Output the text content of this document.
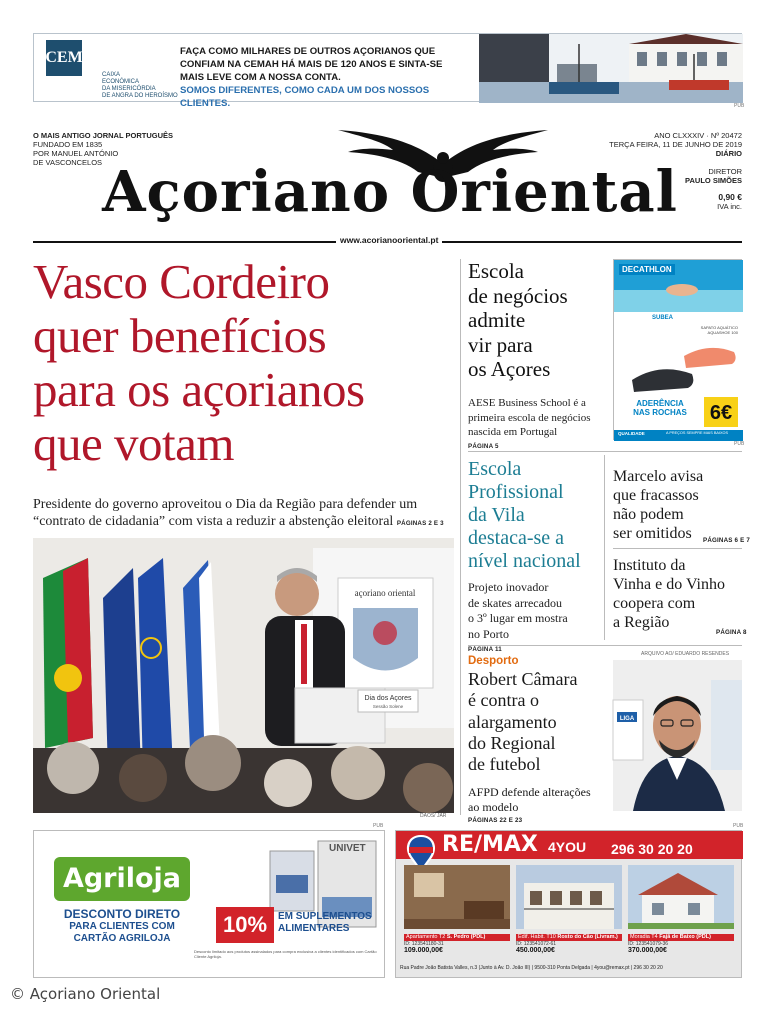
CEM
CAIXA
ECONÓMICA
DA MISERICÓRDIA
DE ANGRA DO HEROÍSMO
FAÇA COMO MILHARES DE OUTROS AÇORIANOS QUE
CONFIAM NA CEMAH HÁ MAIS DE 120 ANOS E SINTA-SE
MAIS LEVE COM A NOSSA CONTA.
SOMOS DIFERENTES, COMO CADA UM DOS NOSSOS CLIENTES.	PUB
O MAIS ANTIGO JORNAL PORTUGUÊS
FUNDADO EM 1835
POR MANUEL ANTÓNIO
DE VASCONCELOS Açoriano Oriental
ANO CLXXXIV · Nº 20472
TERÇA FEIRA, 11 DE JUNHO DE 2019
DIÁRIO
DIRETOR
PAULO SIMÕES
0,90 €
IVA inc.
www.acorianooriental.pt
Vasco Cordeiro
quer benefícios
para os açorianos
que votam
Presidente do governo aproveitou o Dia da Região para defender um “contrato de cidadania” com vista a reduzir a abstenção eleitoral PÁGINAS 2 E 3
açoriano oriental
Dia dos Açores
Sessão Solene
DAOS/ JAR
Escola
de negócios
admite
vir para
os Açores
AESE Business School é a
primeira escola de negócios
nascida em Portugal
PÁGINA 5
DECATHLON
SUBEA
SAPATO AQUÁTICO
AQUASHOE 100
ADERÊNCIA
NAS ROCHAS	6€
QUALIDADE	A PREÇOS SEMPRE MAIS BAIXOS
PUB
Escola
Profissional
da Vila
destaca-se a
nível nacional
Projeto inovador
de skates arrecadou
o 3º lugar em mostra
no Porto
PÁGINA 11
Marcelo avisa
que fracassos
não podem
ser omitidos	PÁGINAS 6 E 7
Instituto da
Vinha e do Vinho
coopera com
a Região
PÁGINA 8
Desporto
Robert Câmara
é contra o
alargamento
do Regional
de futebol
AFPD defende alterações
ao modelo
PÁGINAS 22 E 23
ARQUIVO AO/ EDUARDO RESENDES
LIGA
PUB
Agriloja
DESCONTO DIRETO
PARA CLIENTES COM
CARTÃO AGRILOJA
UNIVET
10%	EM SUPLEMENTOS
ALIMENTARES
Desconto limitado aos produtos assinalados para compra exclusiva a clientes identificados com Cartão Cliente Agriloja.
PUB
RE/MAX 4YOU 296 30 20 20
Apartamento T2 S. Pedro (PDL)
ID: 123541180-31
109.000,00€
Edif. Habit. T10 Rosto do Cão (Livram.)
ID: 123541072-61
450.000,00€
Moradia T4 Fajã de Baixo (PDL)
ID: 123541079-36
370.000,00€
Rua Padre João Batista Valles, n.3 (Junto à Av. D. João III) | 9500-310 Ponta Delgada | 4you@remax.pt | 296 30 20 20
© Açoriano Oriental
